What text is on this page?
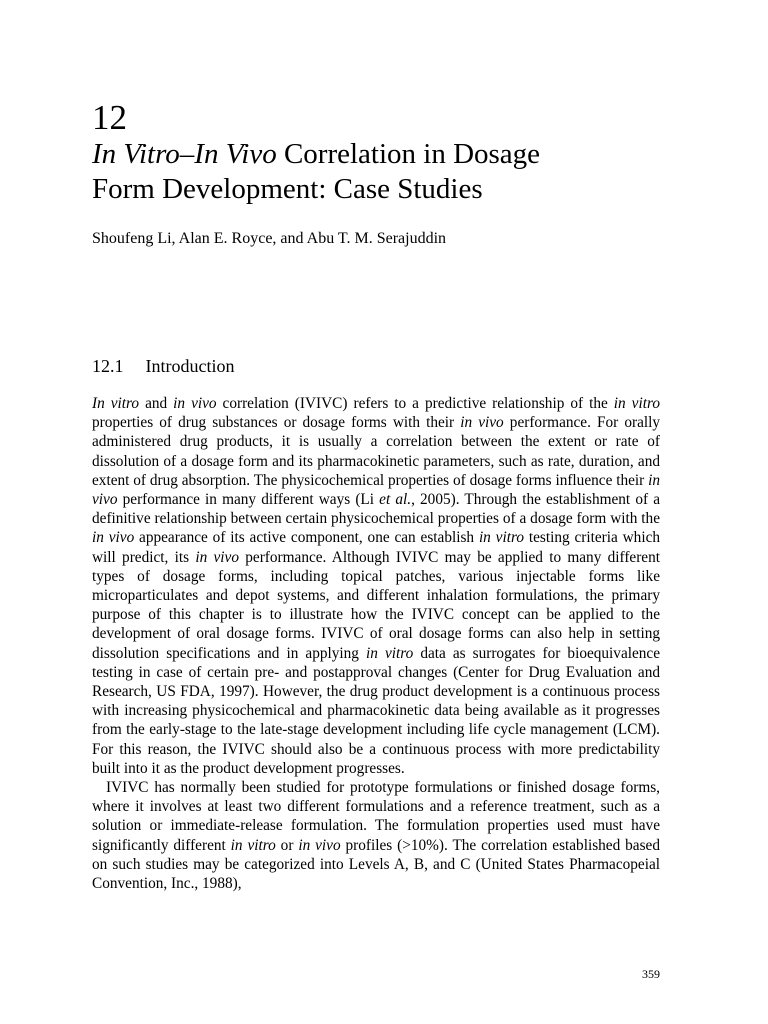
12
In Vitro–In Vivo Correlation in Dosage
Form Development: Case Studies
Shoufeng Li, Alan E. Royce, and Abu T. M. Serajuddin
12.1 Introduction

In vitro and in vivo correlation (IVIVC) refers to a predictive relationship of the in vitro properties of drug substances or dosage forms with their in vivo performance. For orally administered drug products, it is usually a correlation between the extent or rate of dissolution of a dosage form and its pharmacokinetic parameters, such as rate, duration, and extent of drug absorption. The physicochemical properties of dosage forms influence their in vivo performance in many different ways (Li et al., 2005). Through the establishment of a definitive relationship between certain physicochemical properties of a dosage form with the in vivo appearance of its active component, one can establish in vitro testing criteria which will predict, its in vivo performance. Although IVIVC may be applied to many different types of dosage forms, including topical patches, various injectable forms like microparticulates and depot systems, and different inhalation formulations, the primary purpose of this chapter is to illustrate how the IVIVC concept can be applied to the development of oral dosage forms. IVIVC of oral dosage forms can also help in setting dissolution specifications and in applying in vitro data as surrogates for bioequivalence testing in case of certain pre- and postapproval changes (Center for Drug Evaluation and Research, US FDA, 1997). However, the drug product development is a continuous process with increasing physicochemical and pharmacokinetic data being available as it progresses from the early-stage to the late-stage development including life cycle management (LCM). For this reason, the IVIVC should also be a continuous process with more predictability built into it as the product development progresses.

IVIVC has normally been studied for prototype formulations or finished dosage forms, where it involves at least two different formulations and a reference treatment, such as a solution or immediate-release formulation. The formulation properties used must have significantly different in vitro or in vivo profiles (>10%). The correlation established based on such studies may be categorized into Levels A, B, and C (United States Pharmacopeial Convention, Inc., 1988),

359
